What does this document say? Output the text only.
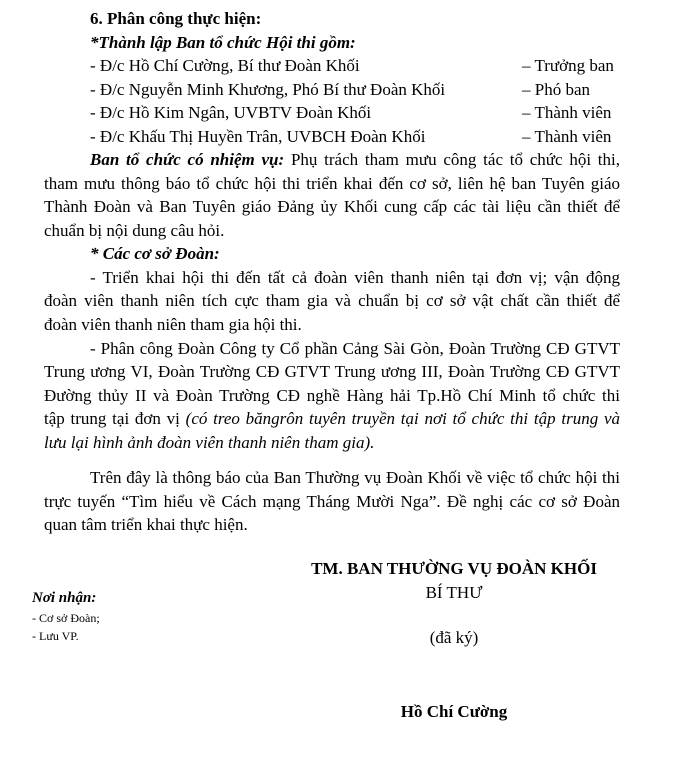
6. Phân công thực hiện:
*Thành lập Ban tổ chức Hội thi gồm:
- Đ/c Hồ Chí Cường, Bí thư Đoàn Khối	– Trưởng ban
- Đ/c Nguyễn Minh Khương, Phó Bí thư Đoàn Khối	– Phó ban
- Đ/c Hồ Kim Ngân, UVBTV Đoàn Khối	– Thành viên
- Đ/c Khấu Thị Huyền Trân, UVBCH Đoàn Khối	– Thành viên
Ban tổ chức có nhiệm vụ: Phụ trách tham mưu công tác tổ chức hội thi,
tham mưu thông báo tổ chức hội thi triển khai đến cơ sở, liên hệ ban Tuyên giáo
Thành Đoàn và Ban Tuyên giáo Đảng ủy Khối cung cấp các tài liệu cần thiết để
chuẩn bị nội dung câu hỏi.
* Các cơ sở Đoàn:
- Triển khai hội thi đến tất cả đoàn viên thanh niên tại đơn vị; vận động
đoàn viên thanh niên tích cực tham gia và chuẩn bị cơ sở vật chất cần thiết để
đoàn viên thanh niên tham gia hội thi.
- Phân công Đoàn Công ty Cổ phần Cảng Sài Gòn, Đoàn Trường CĐ GTVT
Trung ương VI, Đoàn Trường CĐ GTVT Trung ương III, Đoàn Trường CĐ GTVT
Đường thủy II và Đoàn Trường CĐ nghề Hàng hải Tp.Hồ Chí Minh tổ chức thi
tập trung tại đơn vị (có treo băngrôn tuyên truyền tại nơi tổ chức thi tập trung và
lưu lại hình ảnh đoàn viên thanh niên tham gia).
Trên đây là thông báo của Ban Thường vụ Đoàn Khối về việc tổ chức hội thi
trực tuyến “Tìm hiểu về Cách mạng Tháng Mười Nga”. Đề nghị các cơ sở Đoàn
quan tâm triển khai thực hiện.
TM. BAN THƯỜNG VỤ ĐOÀN KHỐI
BÍ THƯ
(đã ký)
Hồ Chí Cường
Nơi nhận:
- Cơ sở Đoàn;
- Lưu VP.
